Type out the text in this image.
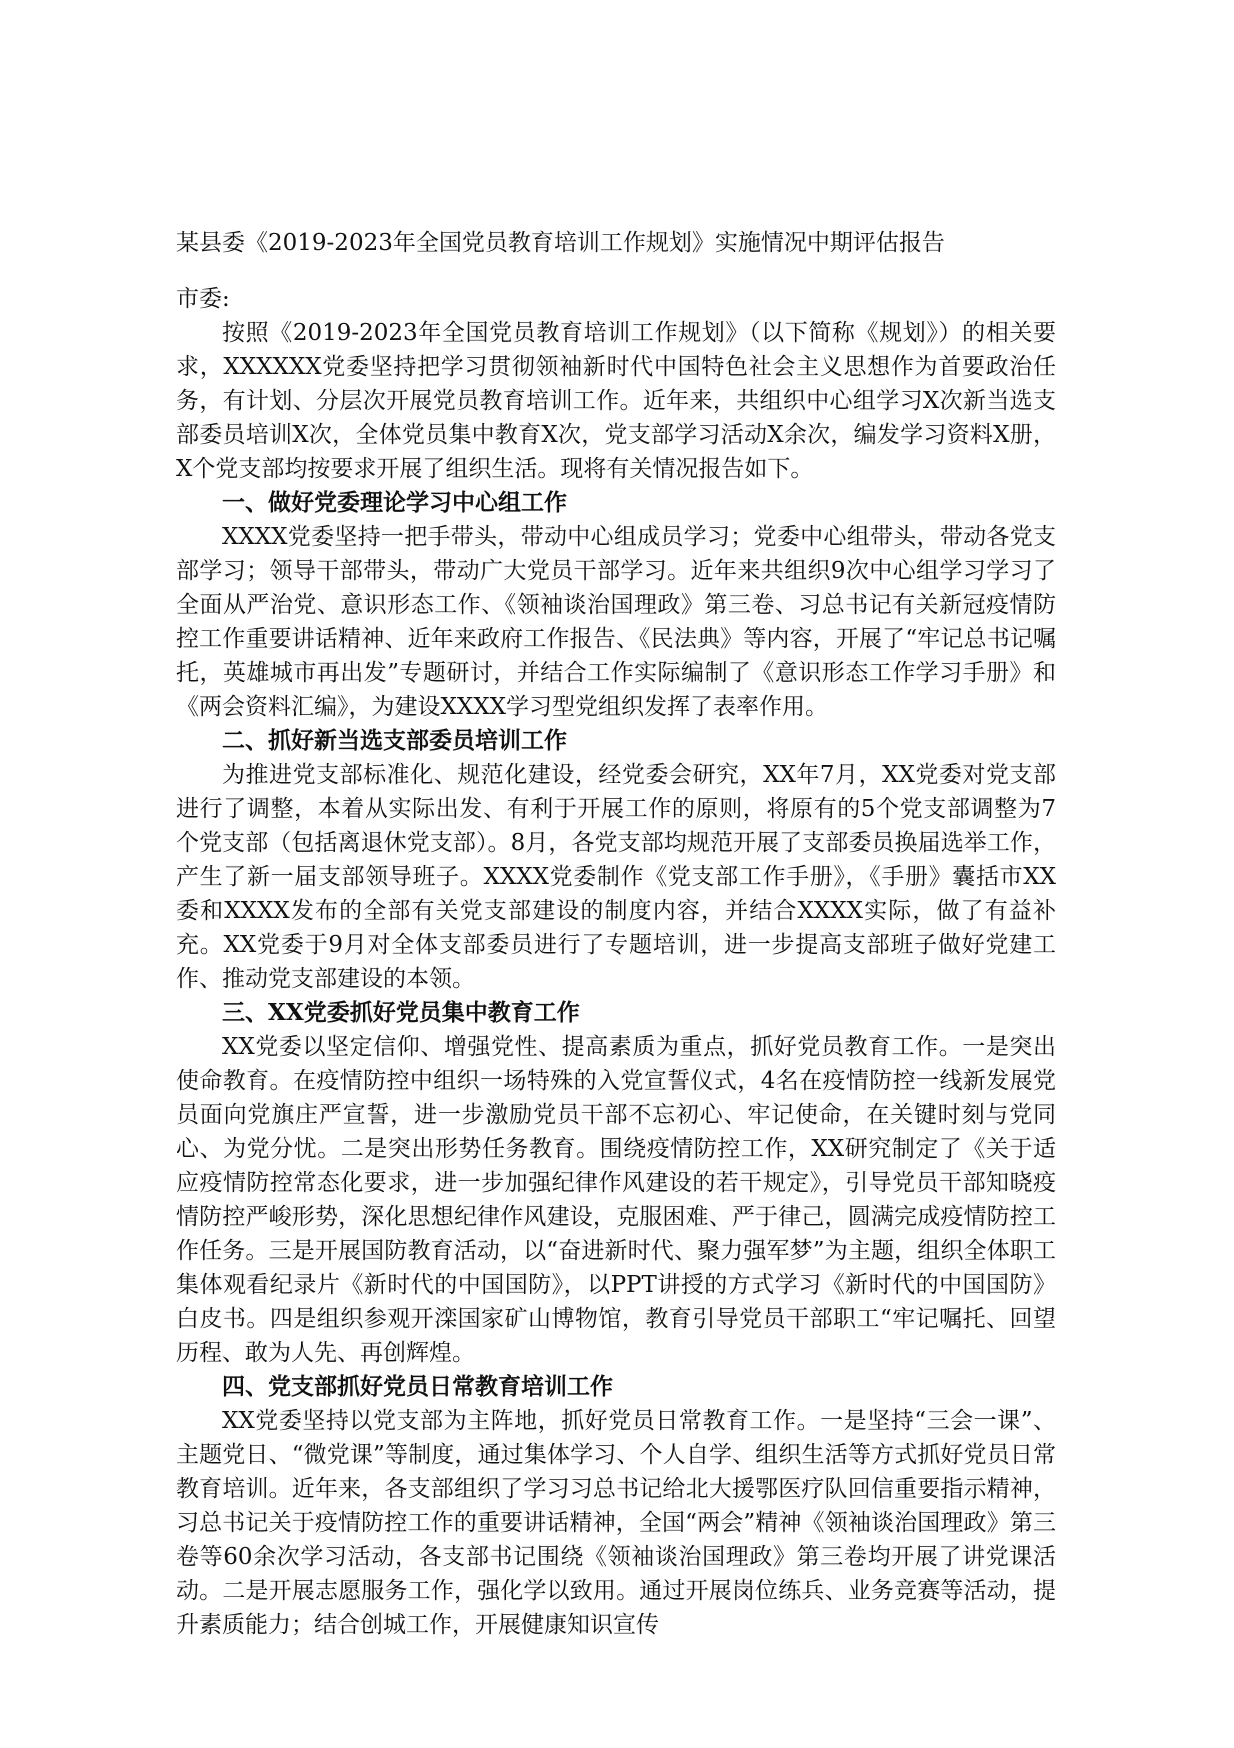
某县委《2019-2023年全国党员教育培训工作规划》实施情况中期评估报告

市委:

按照《2019-2023年全国党员教育培训工作规划》（以下简称《规划》）的相关要求，XXXXXX党委坚持把学习贯彻领袖新时代中国特色社会主义思想作为首要政治任务，有计划、分层次开展党员教育培训工作。近年来，共组织中心组学习X次新当选支部委员培训X次，全体党员集中教育X次，党支部学习活动X余次，编发学习资料X册，X个党支部均按要求开展了组织生活。现将有关情况报告如下。

一、做好党委理论学习中心组工作

XXXX党委坚持一把手带头，带动中心组成员学习；党委中心组带头，带动各党支部学习；领导干部带头，带动广大党员干部学习。近年来共组织9次中心组学习学习了全面从严治党、意识形态工作、《领袖谈治国理政》第三卷、习总书记有关新冠疫情防控工作重要讲话精神、近年来政府工作报告、《民法典》等内容，开展了“牢记总书记嘱托，英雄城市再出发”专题研讨，并结合工作实际编制了《意识形态工作学习手册》和《两会资料汇编》，为建设XXXX学习型党组织发挥了表率作用。

二、抓好新当选支部委员培训工作

为推进党支部标准化、规范化建设，经党委会研究，XX年7月，XX党委对党支部进行了调整，本着从实际出发、有利于开展工作的原则，将原有的5个党支部调整为7个党支部（包括离退休党支部）。8月，各党支部均规范开展了支部委员换届选举工作，产生了新一届支部领导班子。XXXX党委制作《党支部工作手册》，《手册》囊括市XX委和XXXX发布的全部有关党支部建设的制度内容，并结合XXXX实际，做了有益补充。XX党委于9月对全体支部委员进行了专题培训，进一步提高支部班子做好党建工作、推动党支部建设的本领。

三、XX党委抓好党员集中教育工作

XX党委以坚定信仰、增强党性、提高素质为重点，抓好党员教育工作。一是突出使命教育。在疫情防控中组织一场特殊的入党宣誓仪式，4名在疫情防控一线新发展党员面向党旗庄严宣誓，进一步激励党员干部不忘初心、牢记使命，在关键时刻与党同心、为党分忧。二是突出形势任务教育。围绕疫情防控工作，XX研究制定了《关于适应疫情防控常态化要求，进一步加强纪律作风建设的若干规定》，引导党员干部知晓疫情防控严峻形势，深化思想纪律作风建设，克服困难、严于律己，圆满完成疫情防控工作任务。三是开展国防教育活动，以“奋进新时代、聚力强军梦”为主题，组织全体职工集体观看纪录片《新时代的中国国防》，以PPT讲授的方式学习《新时代的中国国防》白皮书。四是组织参观开滦国家矿山博物馆，教育引导党员干部职工“牢记嘱托、回望历程、敢为人先、再创辉煌。

四、党支部抓好党员日常教育培训工作

XX党委坚持以党支部为主阵地，抓好党员日常教育工作。一是坚持“三会一课”、主题党日、“微党课”等制度，通过集体学习、个人自学、组织生活等方式抓好党员日常教育培训。近年来，各支部组织了学习习总书记给北大援鄂医疗队回信重要指示精神，习总书记关于疫情防控工作的重要讲话精神，全国“两会”精神《领袖谈治国理政》第三卷等60余次学习活动，各支部书记围绕《领袖谈治国理政》第三卷均开展了讲党课活动。二是开展志愿服务工作，强化学以致用。通过开展岗位练兵、业务竞赛等活动，提升素质能力；结合创城工作，开展健康知识宣传
